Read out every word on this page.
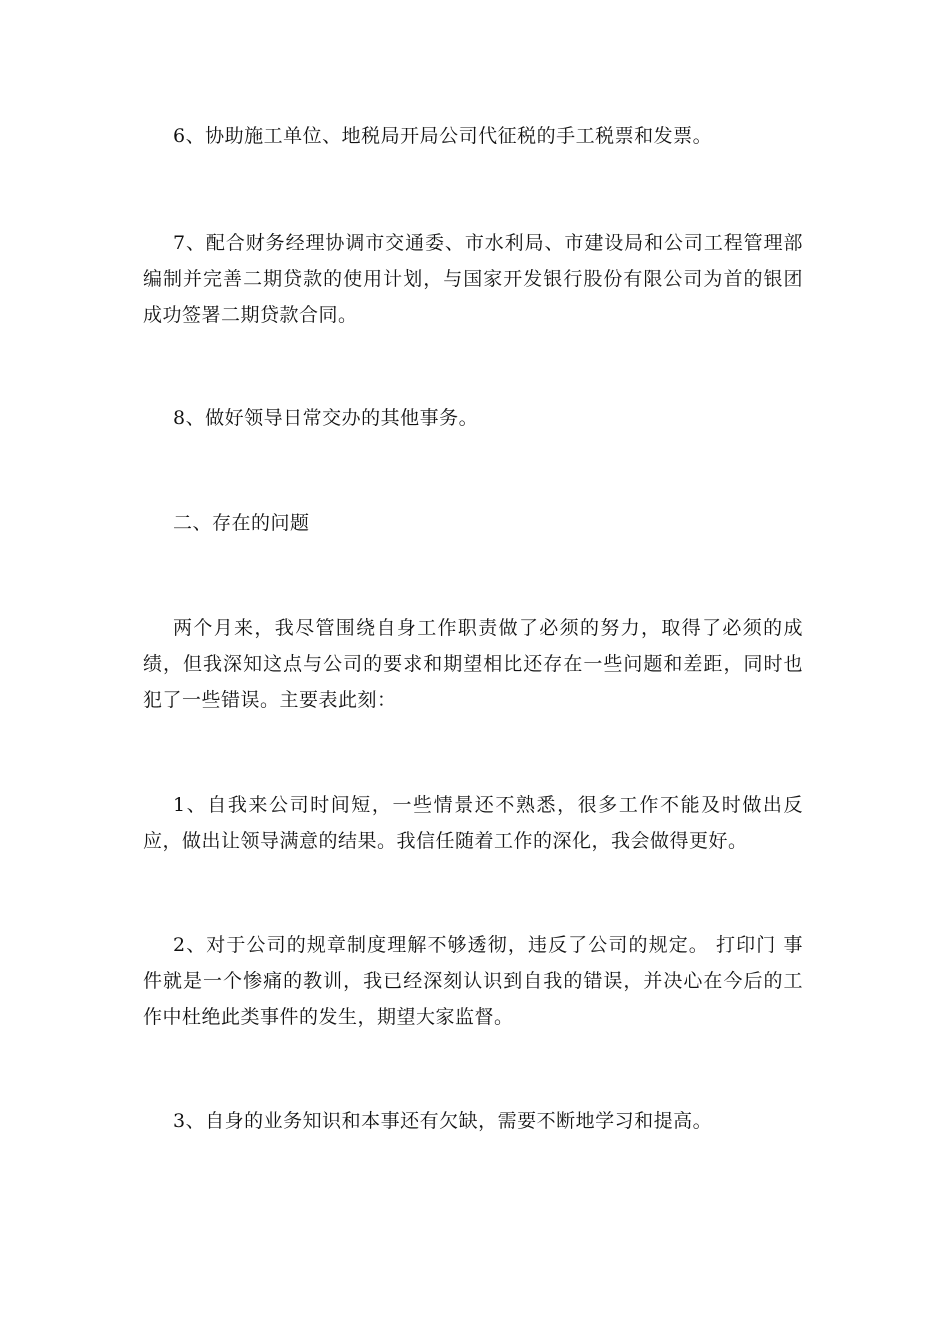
6、协助施工单位、地税局开局公司代征税的手工税票和发票。

7、配合财务经理协调市交通委、市水利局、市建设局和公司工程管理部编制并完善二期贷款的使用计划，与国家开发银行股份有限公司为首的银团成功签署二期贷款合同。

8、做好领导日常交办的其他事务。

二、存在的问题

两个月来，我尽管围绕自身工作职责做了必须的努力，取得了必须的成绩，但我深知这点与公司的要求和期望相比还存在一些问题和差距，同时也犯了一些错误。主要表此刻：

1、自我来公司时间短，一些情景还不熟悉，很多工作不能及时做出反应，做出让领导满意的结果。我信任随着工作的深化，我会做得更好。

2、对于公司的规章制度理解不够透彻，违反了公司的规定。 打印门 事件就是一个惨痛的教训，我已经深刻认识到自我的错误，并决心在今后的工作中杜绝此类事件的发生，期望大家监督。

3、自身的业务知识和本事还有欠缺，需要不断地学习和提高。
